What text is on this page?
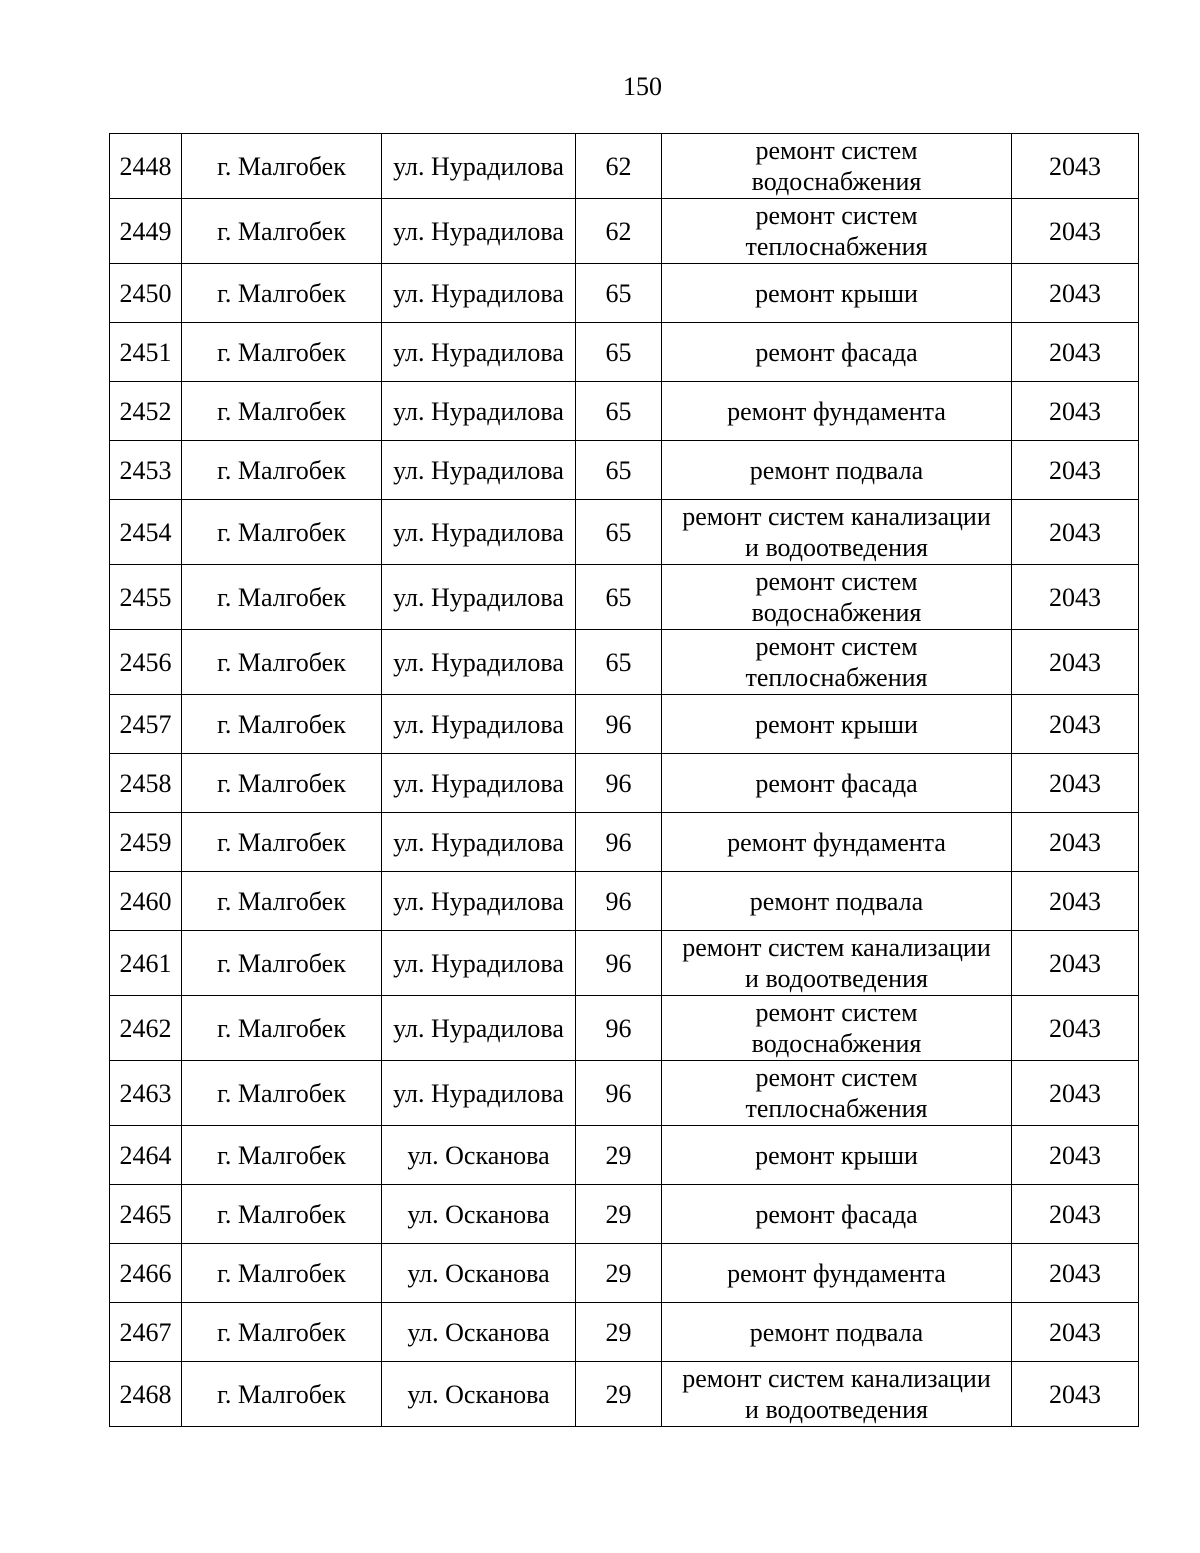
150
2448	г. Малгобек	ул. Нурадилова	62	ремонт систем
водоснабжения	2043
2449	г. Малгобек	ул. Нурадилова	62	ремонт систем
теплоснабжения	2043
2450	г. Малгобек	ул. Нурадилова	65	ремонт крыши	2043
2451	г. Малгобек	ул. Нурадилова	65	ремонт фасада	2043
2452	г. Малгобек	ул. Нурадилова	65	ремонт фундамента	2043
2453	г. Малгобек	ул. Нурадилова	65	ремонт подвала	2043
2454	г. Малгобек	ул. Нурадилова	65	ремонт систем канализации
и водоотведения	2043
2455	г. Малгобек	ул. Нурадилова	65	ремонт систем
водоснабжения	2043
2456	г. Малгобек	ул. Нурадилова	65	ремонт систем
теплоснабжения	2043
2457	г. Малгобек	ул. Нурадилова	96	ремонт крыши	2043
2458	г. Малгобек	ул. Нурадилова	96	ремонт фасада	2043
2459	г. Малгобек	ул. Нурадилова	96	ремонт фундамента	2043
2460	г. Малгобек	ул. Нурадилова	96	ремонт подвала	2043
2461	г. Малгобек	ул. Нурадилова	96	ремонт систем канализации
и водоотведения	2043
2462	г. Малгобек	ул. Нурадилова	96	ремонт систем
водоснабжения	2043
2463	г. Малгобек	ул. Нурадилова	96	ремонт систем
теплоснабжения	2043
2464	г. Малгобек	ул. Осканова	29	ремонт крыши	2043
2465	г. Малгобек	ул. Осканова	29	ремонт фасада	2043
2466	г. Малгобек	ул. Осканова	29	ремонт фундамента	2043
2467	г. Малгобек	ул. Осканова	29	ремонт подвала	2043
2468	г. Малгобек	ул. Осканова	29	ремонт систем канализации
и водоотведения	2043
